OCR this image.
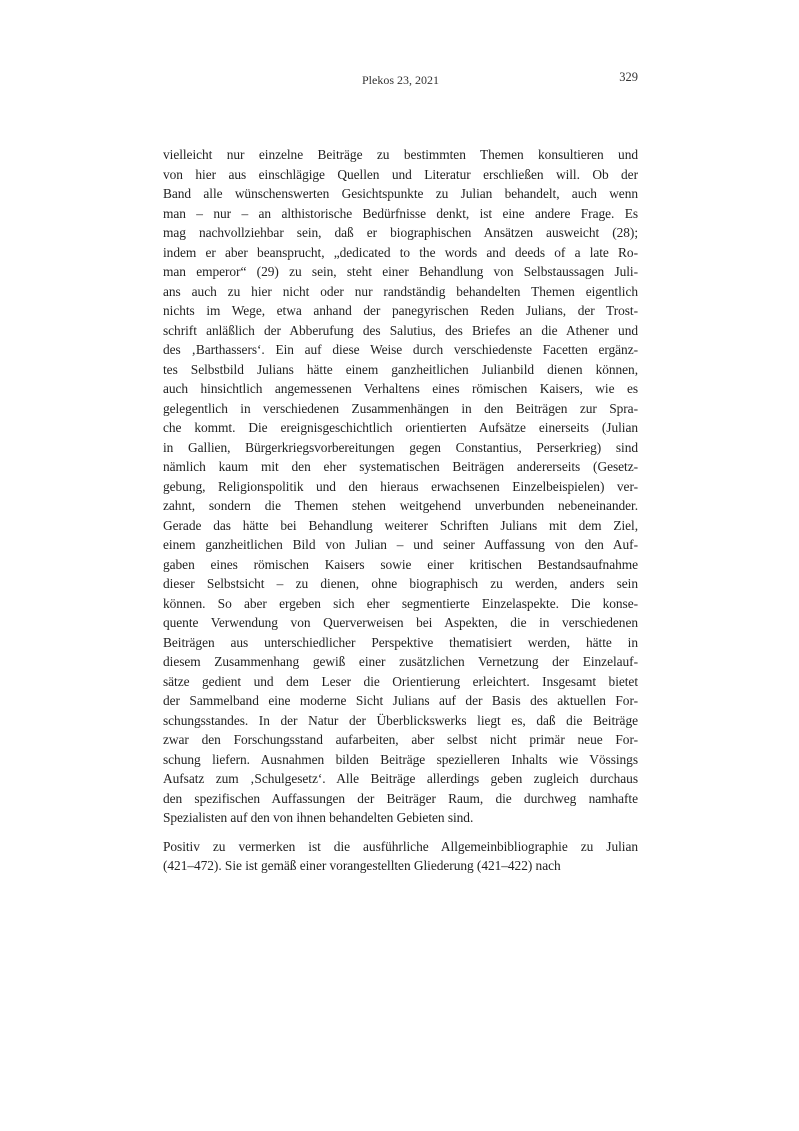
Plekos 23, 2021	329
vielleicht nur einzelne Beiträge zu bestimmten Themen konsultieren und
von hier aus einschlägige Quellen und Literatur erschließen will. Ob der
Band alle wünschenswerten Gesichtspunkte zu Julian behandelt, auch wenn
man – nur – an althistorische Bedürfnisse denkt, ist eine andere Frage. Es
mag nachvollziehbar sein, daß er biographischen Ansätzen ausweicht (28);
indem er aber beansprucht, „dedicated to the words and deeds of a late Ro-
man emperor“ (29) zu sein, steht einer Behandlung von Selbstaussagen Juli-
ans auch zu hier nicht oder nur randständig behandelten Themen eigentlich
nichts im Wege, etwa anhand der panegyrischen Reden Julians, der Trost-
schrift anläßlich der Abberufung des Salutius, des Briefes an die Athener und
des ‚Barthassers‘. Ein auf diese Weise durch verschiedenste Facetten ergänz-
tes Selbstbild Julians hätte einem ganzheitlichen Julianbild dienen können,
auch hinsichtlich angemessenen Verhaltens eines römischen Kaisers, wie es
gelegentlich in verschiedenen Zusammenhängen in den Beiträgen zur Spra-
che kommt. Die ereignisgeschichtlich orientierten Aufsätze einerseits (Julian
in Gallien, Bürgerkriegsvorbereitungen gegen Constantius, Perserkrieg) sind
nämlich kaum mit den eher systematischen Beiträgen andererseits (Gesetz-
gebung, Religionspolitik und den hieraus erwachsenen Einzelbeispielen) ver-
zahnt, sondern die Themen stehen weitgehend unverbunden nebeneinander.
Gerade das hätte bei Behandlung weiterer Schriften Julians mit dem Ziel,
einem ganzheitlichen Bild von Julian – und seiner Auffassung von den Auf-
gaben eines römischen Kaisers sowie einer kritischen Bestandsaufnahme
dieser Selbstsicht – zu dienen, ohne biographisch zu werden, anders sein
können. So aber ergeben sich eher segmentierte Einzelaspekte. Die konse-
quente Verwendung von Querverweisen bei Aspekten, die in verschiedenen
Beiträgen aus unterschiedlicher Perspektive thematisiert werden, hätte in
diesem Zusammenhang gewiß einer zusätzlichen Vernetzung der Einzelauf-
sätze gedient und dem Leser die Orientierung erleichtert. Insgesamt bietet
der Sammelband eine moderne Sicht Julians auf der Basis des aktuellen For-
schungsstandes. In der Natur der Überblickswerks liegt es, daß die Beiträge
zwar den Forschungsstand aufarbeiten, aber selbst nicht primär neue For-
schung liefern. Ausnahmen bilden Beiträge spezielleren Inhalts wie Vössings
Aufsatz zum ‚Schulgesetz‘. Alle Beiträge allerdings geben zugleich durchaus
den spezifischen Auffassungen der Beiträger Raum, die durchweg namhafte
Spezialisten auf den von ihnen behandelten Gebieten sind.
Positiv zu vermerken ist die ausführliche Allgemeinbibliographie zu Julian
(421–472). Sie ist gemäß einer vorangestellten Gliederung (421–422) nach
